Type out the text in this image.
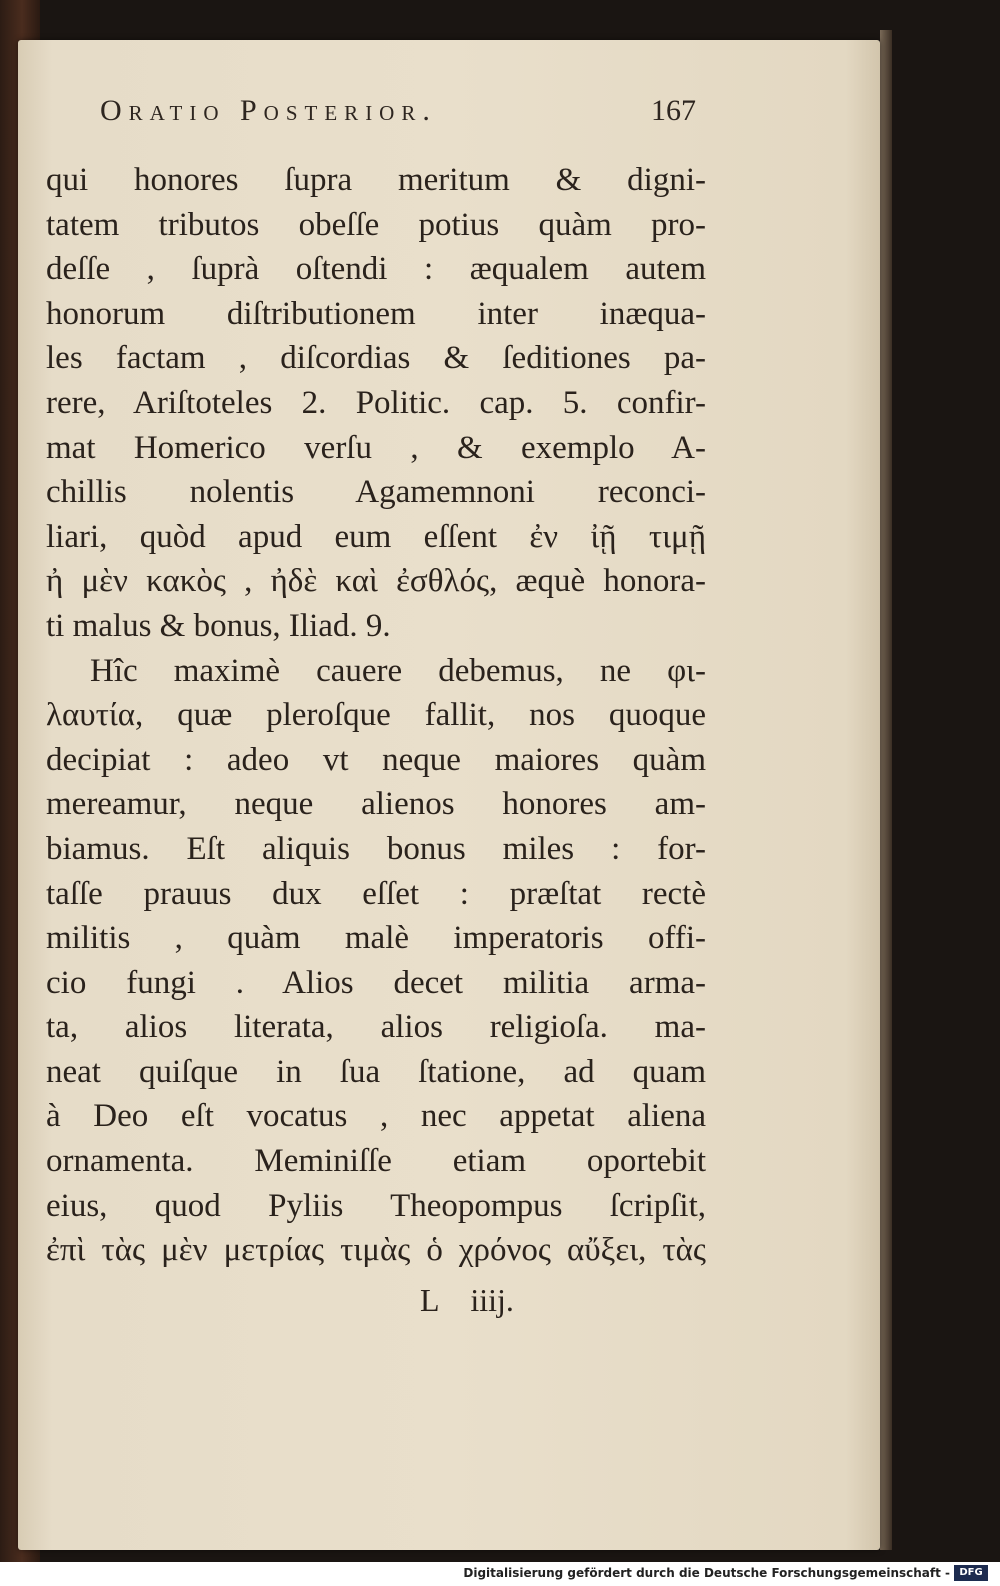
Oratio Posterior.	167
qui honores ſupra meritum & digni-
tatem tributos obeſſe potius quàm pro-
deſſe , ſuprà oſtendi : æqualem autem
honorum diſtributionem inter inæqua-
les factam , diſcordias & ſeditiones pa-
rere, Ariſtoteles 2. Politic. cap. 5. confir-
mat Homerico verſu , & exemplo A-
chillis nolentis Agamemnoni reconci-
liari, quòd apud eum eſſent ἐν ἰῇ τιμῇ
ἠ μὲν κακὸς , ἠδὲ καὶ ἐσθλός, æquè honora-
ti malus & bonus, Iliad. 9.
Hîc maximè cauere debemus, ne φι-
λαυτία, quæ pleroſque fallit, nos quoque
decipiat : adeo vt neque maiores quàm
mereamur, neque alienos honores am-
biamus. Eſt aliquis bonus miles : for-
taſſe prauus dux eſſet : præſtat rectè
militis , quàm malè imperatoris offi-
cio fungi . Alios decet militia arma-
ta, alios literata, alios religioſa. ma-
neat quiſque in ſua ſtatione, ad quam
à Deo eſt vocatus , nec appetat aliena
ornamenta. Meminiſſe etiam oportebit
eius, quod Pyliis Theopompus ſcripſit,
ἐπὶ τὰς μὲν μετρίας τιμὰς ὁ χρόνος αὔξει, τὰς
L    iiij.
Digitalisierung gefördert durch die Deutsche Forschungsgemeinschaft - DFG
